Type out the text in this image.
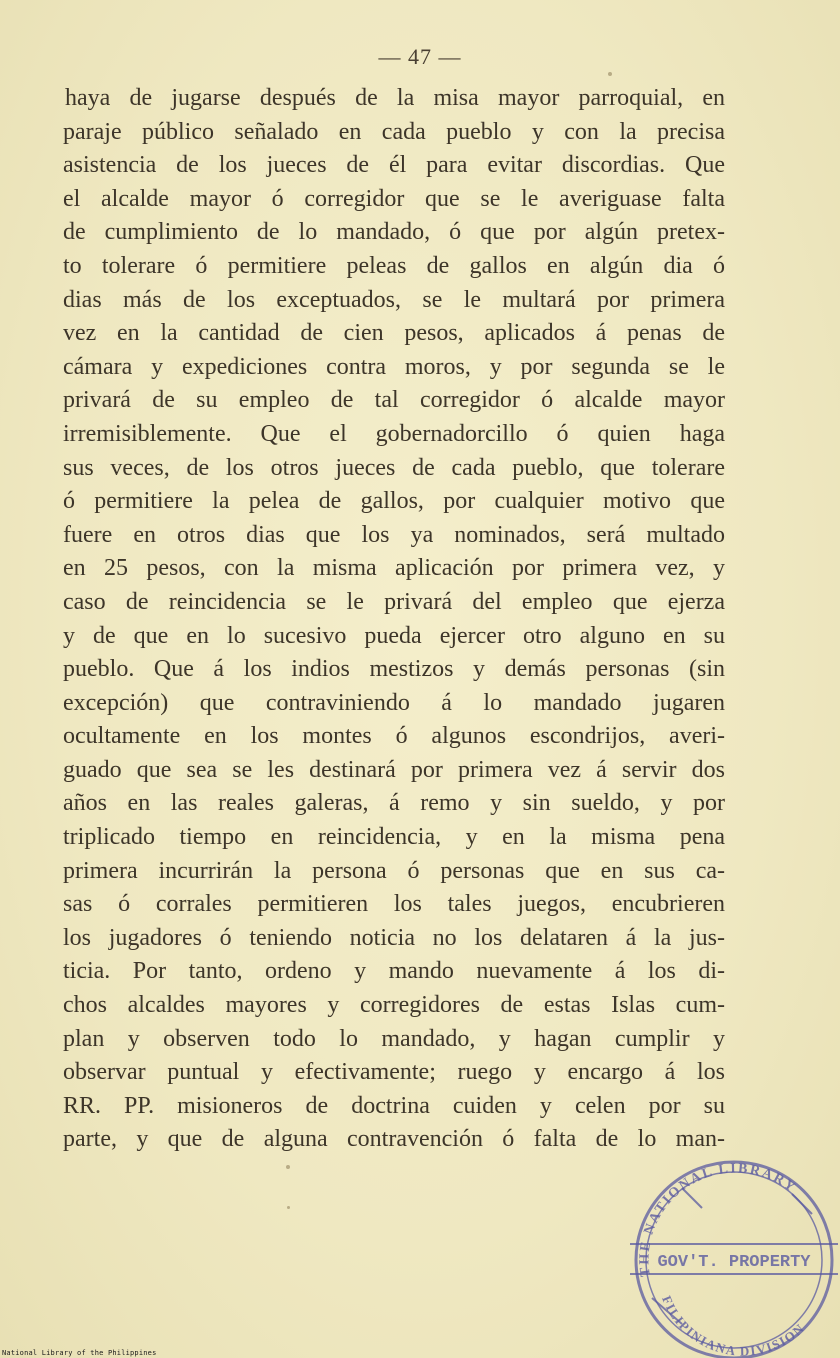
— 47 —
haya de jugarse después de la misa mayor parroquial, en
paraje público señalado en cada pueblo y con la precisa
asistencia de los jueces de él para evitar discordias. Que
el alcalde mayor ó corregidor que se le averiguase falta
de cumplimiento de lo mandado, ó que por algún pretex-
to tolerare ó permitiere peleas de gallos en algún dia ó
dias más de los exceptuados, se le multará por primera
vez en la cantidad de cien pesos, aplicados á penas de
cámara y expediciones contra moros, y por segunda se le
privará de su empleo de tal corregidor ó alcalde mayor
irremisiblemente. Que el gobernadorcillo ó quien haga
sus veces, de los otros jueces de cada pueblo, que tolerare
ó permitiere la pelea de gallos, por cualquier motivo que
fuere en otros dias que los ya nominados, será multado
en 25 pesos, con la misma aplicación por primera vez, y
caso de reincidencia se le privará del empleo que ejerza
y de que en lo sucesivo pueda ejercer otro alguno en su
pueblo. Que á los indios mestizos y demás personas (sin
excepción) que contraviniendo á lo mandado jugaren
ocultamente en los montes ó algunos escondrijos, averi-
guado que sea se les destinará por primera vez á servir dos
años en las reales galeras, á remo y sin sueldo, y por
triplicado tiempo en reincidencia, y en la misma pena
primera incurrirán la persona ó personas que en sus ca-
sas ó corrales permitieren los tales juegos, encubrieren
los jugadores ó teniendo noticia no los delataren á la jus-
ticia. Por tanto, ordeno y mando nuevamente á los di-
chos alcaldes mayores y corregidores de estas Islas cum-
plan y observen todo lo mandado, y hagan cumplir y
observar puntual y efectivamente; ruego y encargo á los
RR. PP. misioneros de doctrina cuiden y celen por su
parte, y que de alguna contravención ó falta de lo man-
THE NATIONAL LIBRARY
GOV'T. PROPERTY
FILIPINIANA DIVISION
National Library of the Philippines
